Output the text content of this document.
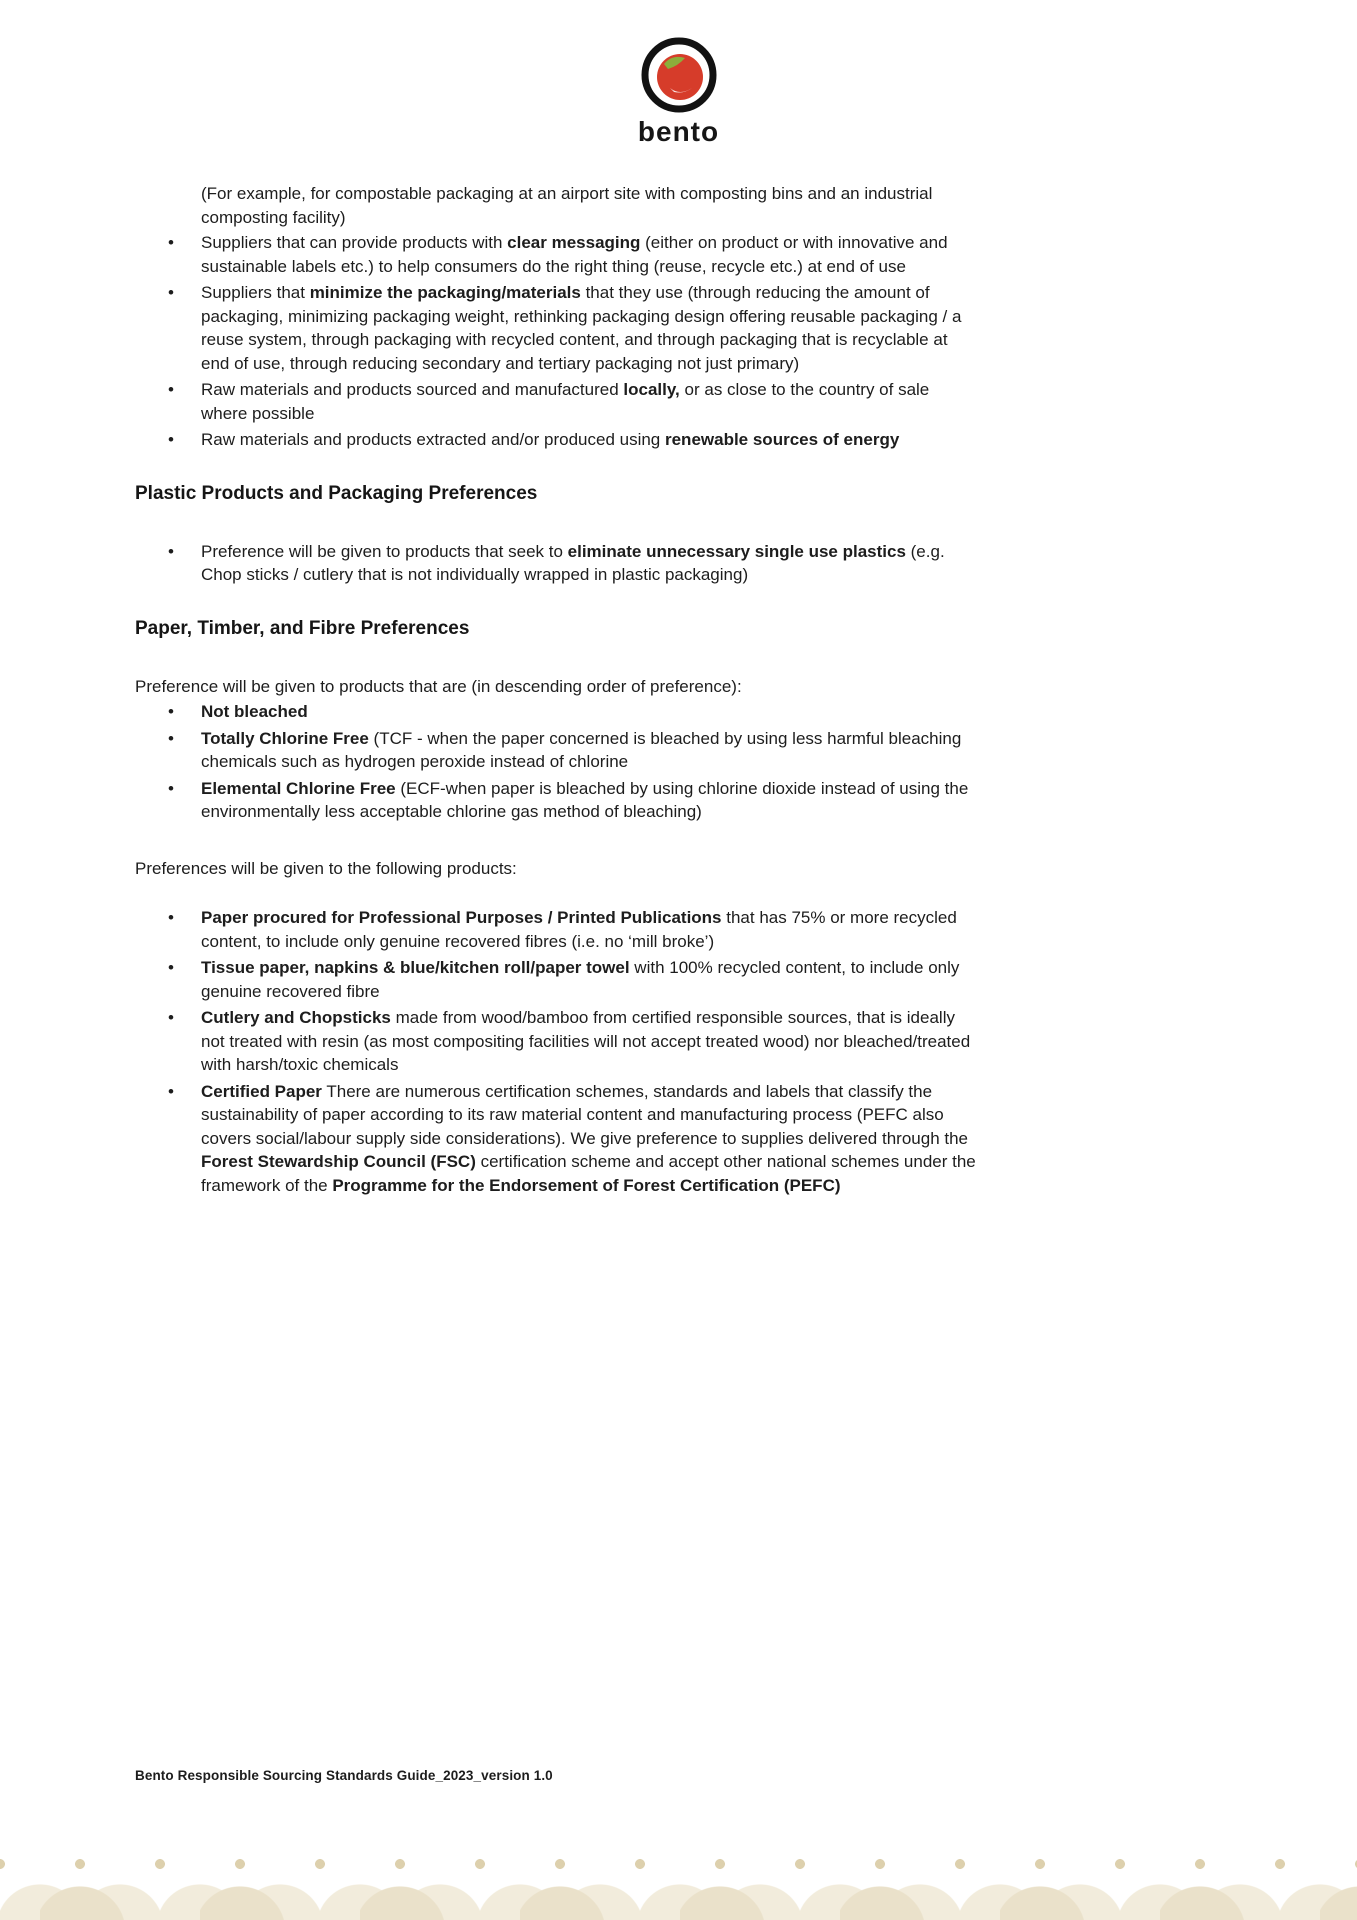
bento
(For example, for compostable packaging at an airport site with composting bins and an industrial composting facility)
• Suppliers that can provide products with clear messaging (either on product or with innovative and sustainable labels etc.) to help consumers do the right thing (reuse, recycle etc.) at end of use
• Suppliers that minimize the packaging/materials that they use (through reducing the amount of packaging, minimizing packaging weight, rethinking packaging design offering reusable packaging / a reuse system, through packaging with recycled content, and through packaging that is recyclable at end of use, through reducing secondary and tertiary packaging not just primary)
• Raw materials and products sourced and manufactured locally, or as close to the country of sale where possible
• Raw materials and products extracted and/or produced using renewable sources of energy
Plastic Products and Packaging Preferences
• Preference will be given to products that seek to eliminate unnecessary single use plastics (e.g. Chop sticks / cutlery that is not individually wrapped in plastic packaging)
Paper, Timber, and Fibre Preferences

Preference will be given to products that are (in descending order of preference):

• Not bleached
• Totally Chlorine Free (TCF - when the paper concerned is bleached by using less harmful bleaching chemicals such as hydrogen peroxide instead of chlorine
• Elemental Chlorine Free (ECF-when paper is bleached by using chlorine dioxide instead of using the environmentally less acceptable chlorine gas method of bleaching)

Preferences will be given to the following products:

• Paper procured for Professional Purposes / Printed Publications that has 75% or more recycled content, to include only genuine recovered fibres (i.e. no ‘mill broke’)
• Tissue paper, napkins & blue/kitchen roll/paper towel with 100% recycled content, to include only genuine recovered fibre
• Cutlery and Chopsticks made from wood/bamboo from certified responsible sources, that is ideally not treated with resin (as most compositing facilities will not accept treated wood) nor bleached/treated with harsh/toxic chemicals
• Certified Paper There are numerous certification schemes, standards and labels that classify the sustainability of paper according to its raw material content and manufacturing process (PEFC also covers social/labour supply side considerations). We give preference to supplies delivered through the Forest Stewardship Council (FSC) certification scheme and accept other national schemes under the framework of the Programme for the Endorsement of Forest Certification (PEFC)
Bento Responsible Sourcing Standards Guide_2023_version 1.0
